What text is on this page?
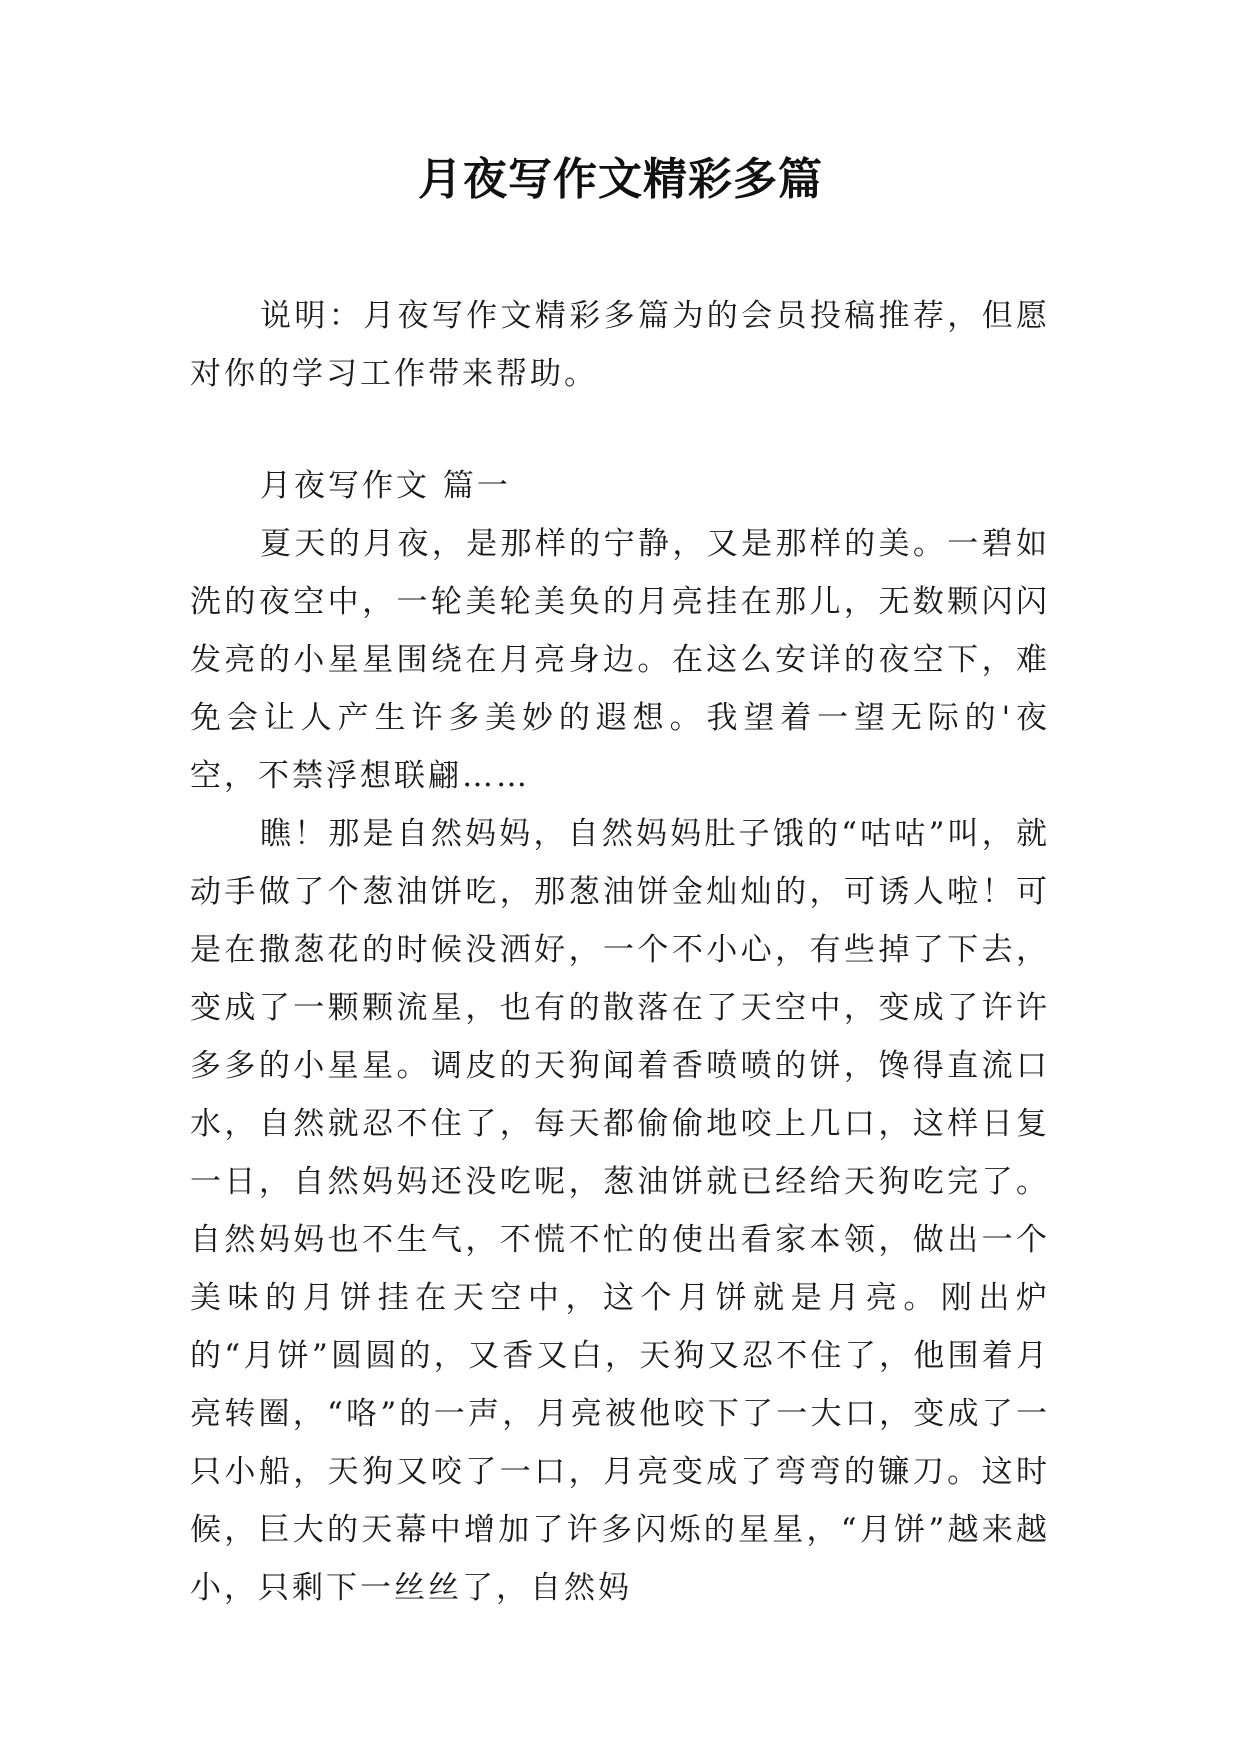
月夜写作文精彩多篇

说明：月夜写作文精彩多篇为的会员投稿推荐，但愿对你的学习工作带来帮助。

月夜写作文 篇一

夏天的月夜，是那样的宁静，又是那样的美。一碧如洗的夜空中，一轮美轮美奂的月亮挂在那儿，无数颗闪闪发亮的小星星围绕在月亮身边。在这么安详的夜空下，难免会让人产生许多美妙的遐想。我望着一望无际的'夜空，不禁浮想联翩……

瞧！那是自然妈妈，自然妈妈肚子饿的“咕咕”叫，就动手做了个葱油饼吃，那葱油饼金灿灿的，可诱人啦！可是在撒葱花的时候没洒好，一个不小心，有些掉了下去，变成了一颗颗流星，也有的散落在了天空中，变成了许许多多的小星星。调皮的天狗闻着香喷喷的饼，馋得直流口水，自然就忍不住了，每天都偷偷地咬上几口，这样日复一日，自然妈妈还没吃呢，葱油饼就已经给天狗吃完了。自然妈妈也不生气，不慌不忙的使出看家本领，做出一个美味的月饼挂在天空中，这个月饼就是月亮。刚出炉的“月饼”圆圆的，又香又白，天狗又忍不住了，他围着月亮转圈，“咯”的一声，月亮被他咬下了一大口，变成了一只小船，天狗又咬了一口，月亮变成了弯弯的镰刀。这时候，巨大的天幕中增加了许多闪烁的星星，“月饼”越来越小，只剩下一丝丝了，自然妈
